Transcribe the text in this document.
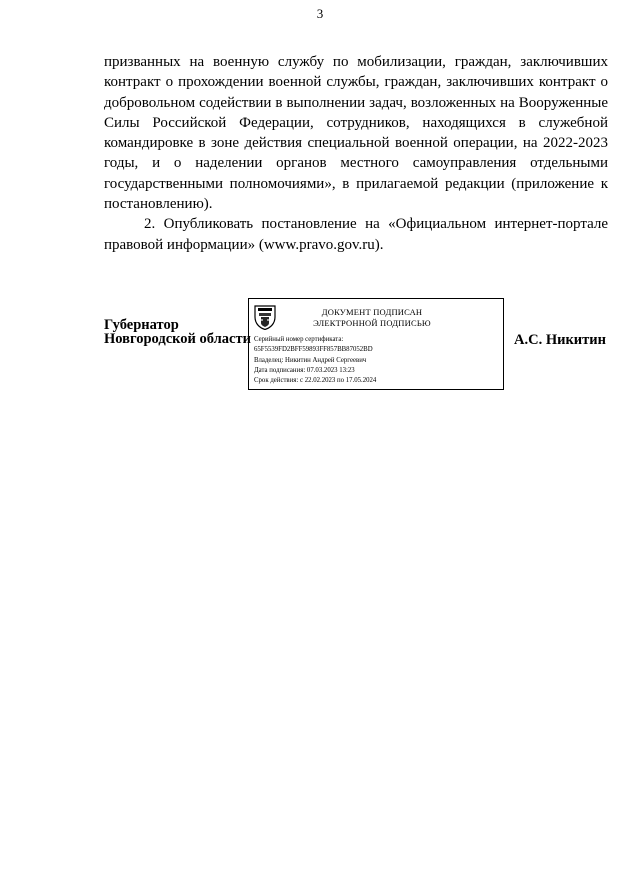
3

призванных на военную службу по мобилизации, граждан, заключивших контракт о прохождении военной службы, граждан, заключивших контракт о добровольном содействии в выполнении задач, возложенных на Вооруженные Силы Российской Федерации, сотрудников, находящихся в служебной командировке в зоне действия специальной военной операции, на 2022-2023 годы, и о наделении органов местного самоуправления отдельными государственными полномочиями», в прилагаемой редакции (приложение к постановлению).

2. Опубликовать постановление на «Официальном интернет-портале правовой информации» (www.pravo.gov.ru).

Губернатор
Новгородской области
ДОКУМЕНТ ПОДПИСАН
ЭЛЕКТРОННОЙ ПОДПИСЬЮ
Серийный номер сертификата:
65F5539FD2BFF59893FF857BB87052BD
Владелец: Никитин Андрей Сергеевич
Дата подписания: 07.03.2023 13:23
Срок действия: с 22.02.2023 по 17.05.2024
А.С. Никитин
